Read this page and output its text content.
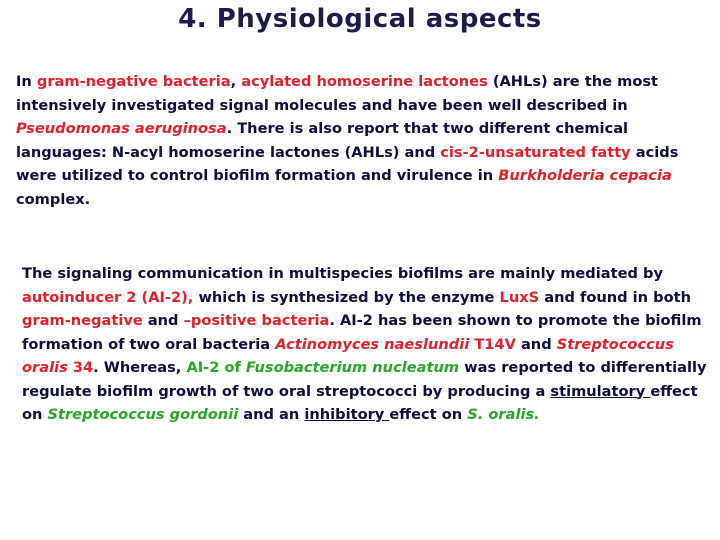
4. Physiological aspects

In gram-negative bacteria, acylated homoserine lactones (AHLs) are the most intensively investigated signal molecules and have been well described in Pseudomonas aeruginosa. There is also report that two different chemical languages: N-acyl homoserine lactones (AHLs) and cis-2-unsaturated fatty acids were utilized to control biofilm formation and virulence in Burkholderia cepacia complex.

The signaling communication in multispecies biofilms are mainly mediated by autoinducer 2 (AI-2), which is synthesized by the enzyme LuxS and found in both gram-negative and –positive bacteria. AI-2 has been shown to promote the biofilm formation of two oral bacteria Actinomyces naeslundii T14V and Streptococcus oralis 34. Whereas, AI-2 of Fusobacterium nucleatum was reported to differentially regulate biofilm growth of two oral streptococci by producing a stimulatory effect on Streptococcus gordonii and an inhibitory effect on S. oralis.
